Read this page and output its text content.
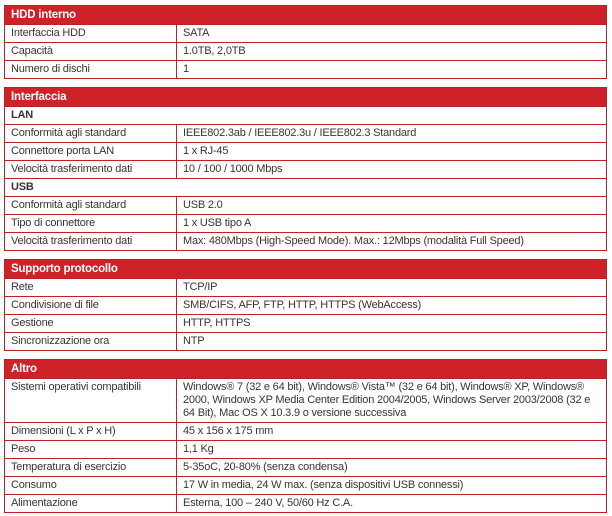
HDD interno
Interfaccia HDD	SATA
Capacità	1.0TB, 2,0TB
Numero di dischi	1
Interfaccia
LAN
Conformità agli standard	IEEE802.3ab / IEEE802.3u / IEEE802.3 Standard
Connettore porta LAN	1 x RJ-45
Velocità trasferimento dati	10 / 100 / 1000 Mbps
USB
Conformità agli standard	USB 2.0
Tipo di connettore	1 x USB tipo A
Velocità trasferimento dati	Max: 480Mbps (High-Speed Mode). Max.: 12Mbps (modalità Full Speed)
Supporto protocollo
Rete	TCP/IP
Condivisione di file	SMB/CIFS, AFP, FTP, HTTP, HTTPS (WebAccess)
Gestione	HTTP, HTTPS
Sincronizzazione ora	NTP
Altro
Sistemi operativi compatibili	Windows® 7 (32 e 64 bit), Windows® Vista™ (32 e 64 bit), Windows® XP, Windows® 2000, Windows XP Media Center Edition 2004/2005, Windows Server 2003/2008 (32 e 64 Bit), Mac OS X 10.3.9 o versione successiva
Dimensioni (L x P x H)	45 x 156 x 175 mm
Peso	1,1 Kg
Temperatura di esercizio	5-35oC, 20-80% (senza condensa)
Consumo	17 W in media, 24 W max. (senza dispositivi USB connessi)
Alimentazione	Esterna, 100 – 240 V, 50/60 Hz C.A.
